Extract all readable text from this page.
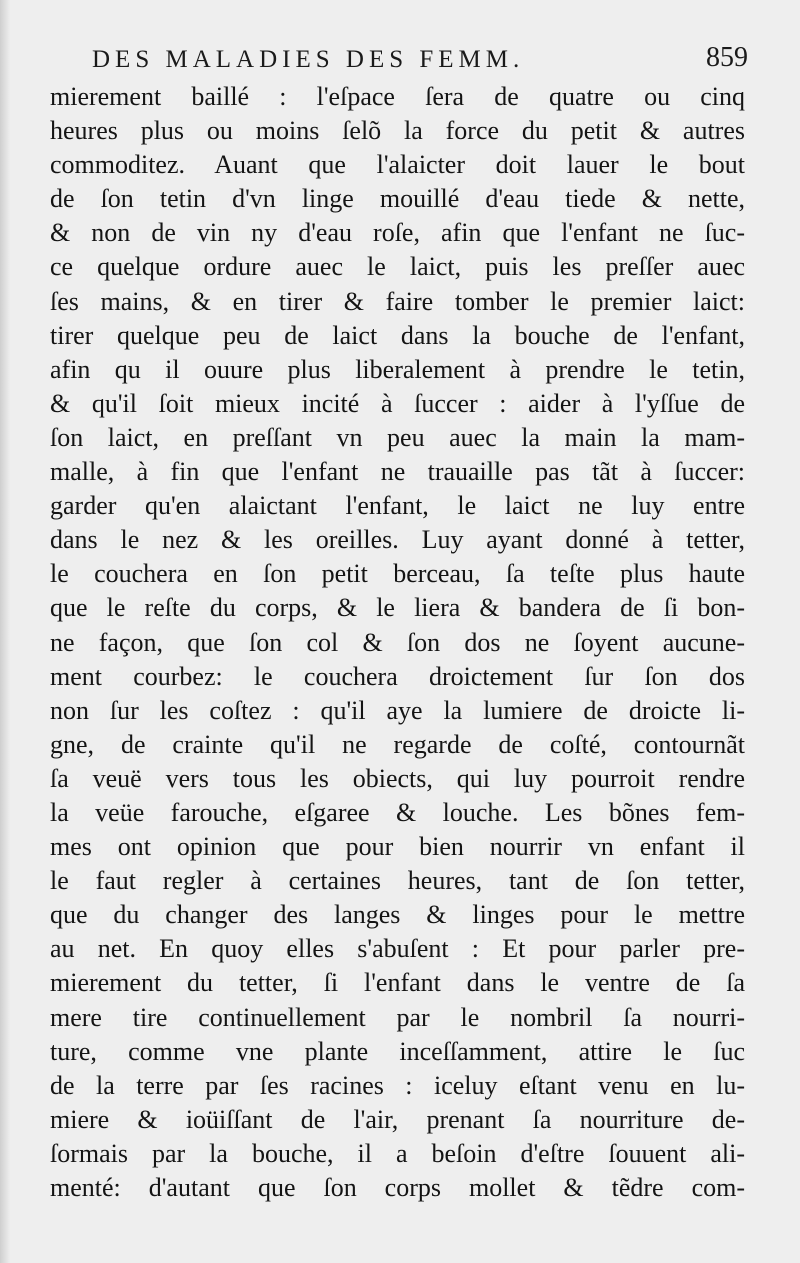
DES MALADIES DES FEMM.	859
mierement baillé : l'eſpace ſera de quatre ou cinq
heures plus ou moins ſelõ la force du petit & autres
commoditez. Auant que l'alaicter doit lauer le bout
de ſon tetin d'vn linge mouillé d'eau tiede & nette,
& non de vin ny d'eau roſe, afin que l'enfant ne ſuc-
ce quelque ordure auec le laict, puis les preſſer auec
ſes mains, & en tirer & faire tomber le premier laict:
tirer quelque peu de laict dans la bouche de l'enfant,
afin qu il ouure plus liberalement à prendre le tetin,
& qu'il ſoit mieux incité à ſuccer : aider à l'yſſue de
ſon laict, en preſſant vn peu auec la main la mam-
malle, à fin que l'enfant ne trauaille pas tãt à ſuccer:
garder qu'en alaictant l'enfant, le laict ne luy entre
dans le nez & les oreilles. Luy ayant donné à tetter,
le couchera en ſon petit berceau, ſa teſte plus haute
que le reſte du corps, & le liera & bandera de ſi bon-
ne façon, que ſon col & ſon dos ne ſoyent aucune-
ment courbez: le couchera droictement ſur ſon dos
non ſur les coſtez : qu'il aye la lumiere de droicte li-
gne, de crainte qu'il ne regarde de coſté, contournãt
ſa veuë vers tous les obiects, qui luy pourroit rendre
la veüe farouche, eſgaree & louche. Les bõnes fem-
mes ont opinion que pour bien nourrir vn enfant il
le faut regler à certaines heures, tant de ſon tetter,
que du changer des langes & linges pour le mettre
au net. En quoy elles s'abuſent : Et pour parler pre-
mierement du tetter, ſi l'enfant dans le ventre de ſa
mere tire continuellement par le nombril ſa nourri-
ture, comme vne plante inceſſamment, attire le ſuc
de la terre par ſes racines : iceluy eſtant venu en lu-
miere & ioüiſſant de l'air, prenant ſa nourriture de-
ſormais par la bouche, il a beſoin d'eſtre ſouuent ali-
menté: d'autant que ſon corps mollet & tẽdre com-
